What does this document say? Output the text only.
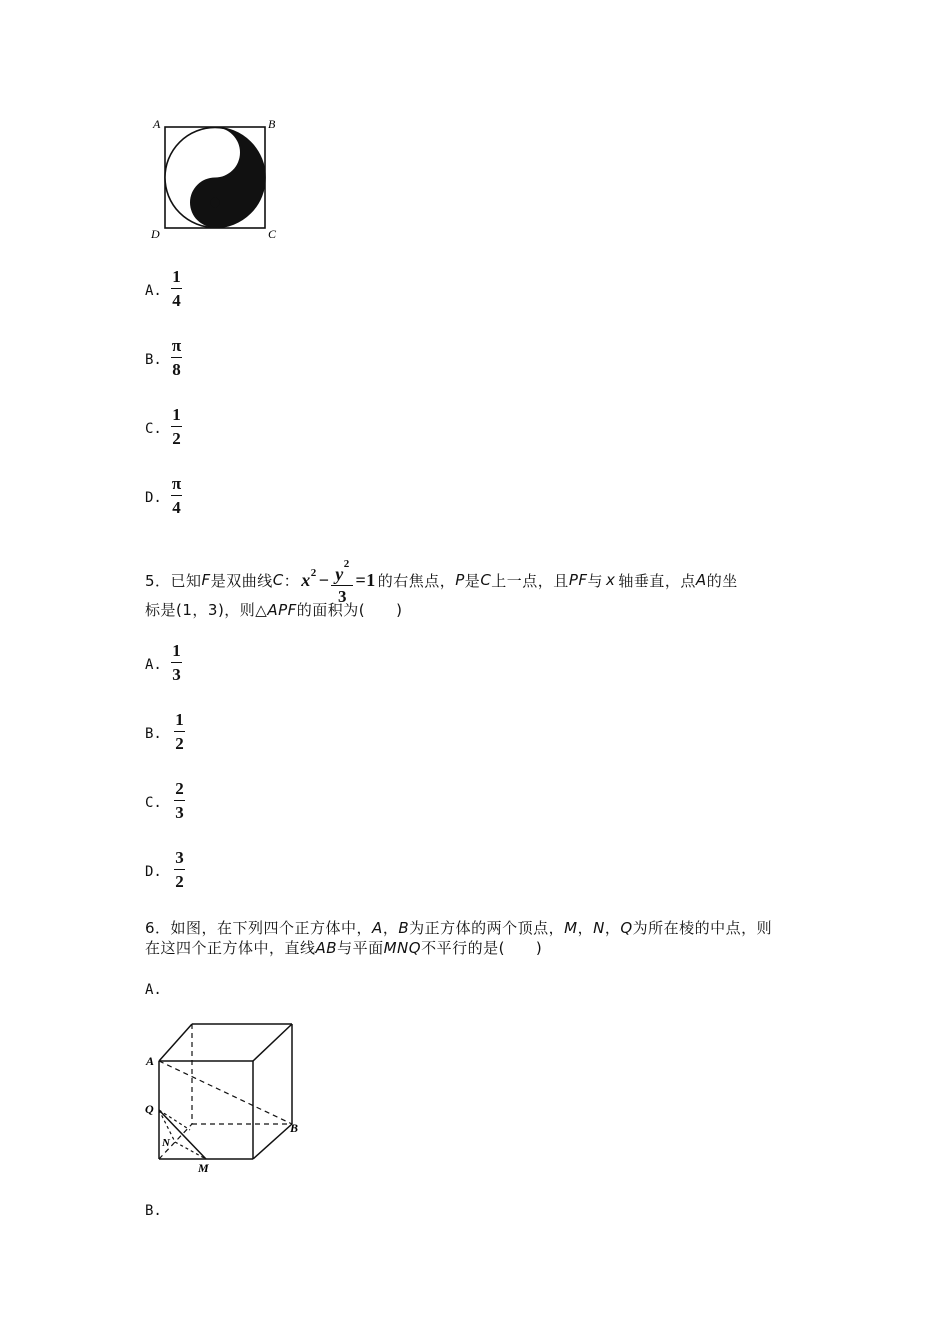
A	B
D	C
A.
1
4
B.
π
8
C.
1
2
D.
π
4
5．已知 F 是双曲线 C ： x 2 − y 2
3
=1 的右焦点， P 是 C 上一点，且 PF 与 x 轴垂直，点 A 的坐
标是(1，3)，则△APF的面积为(　　)
A.
1
3
B.
1
2
C.
2
3
D.
3
2
6．如图，在下列四个正方体中，A，B为正方体的两个顶点，M，N，Q为所在棱的中点，则
在这四个正方体中，直线AB与平面MNQ不平行的是(　　)
A.
A
Q
N
M
B
B.
